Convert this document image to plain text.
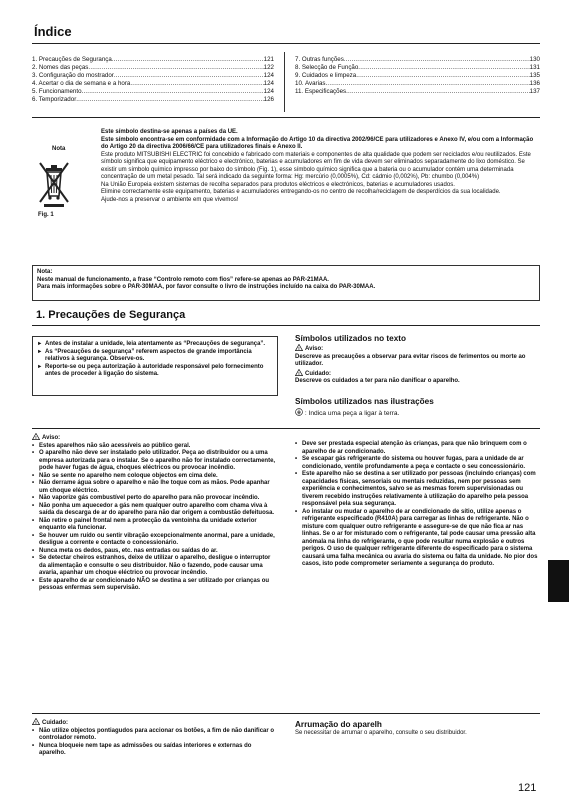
Índice
1. Precauções de Segurança .....	121
2. Nomes das peças .....	122
3. Configuração do mostrador .....	124
4. Acertar o dia de semana e a hora .....	124
5. Funcionamento .....	124
6. Temporizador .....	126
7. Outras funções .....	130
8. Selecção de Função .....	131
9. Cuidados e limpeza .....	135
10. Avarias .....	136
11. Especificações .....	137
Nota
Fig. 1
Este símbolo destina-se apenas a países da UE.
Este símbolo encontra-se em conformidade com a Informação do Artigo 10 da directiva 2002/96/CE para utilizadores e Anexo IV, e/ou com a Informação do Artigo 20 da directiva 2006/66/CE para utilizadores finais e Anexo II.
Este produto MITSUBISHI ELECTRIC foi concebido e fabricado com materiais e componentes de alta qualidade que podem ser reciclados e/ou reutilizados. Este símbolo significa que equipamento eléctrico e electrónico, baterias e acumuladores em fim de vida devem ser eliminados separadamente do lixo doméstico. Se existir um símbolo químico impresso por baixo do símbolo (Fig. 1), esse símbolo químico significa que a bateria ou o acumulador contém uma determinada concentração de um metal pesado. Tal será indicado da seguinte forma: Hg: mercúrio (0,0005%), Cd: cádmio (0,002%), Pb: chumbo (0,004%)
Na União Europeia existem sistemas de recolha separados para produtos eléctricos e electrónicos, baterias e acumuladores usados.
Elimine correctamente este equipamento, baterias e acumuladores entregando-os no centro de recolha/reciclagem de desperdícios da sua localidade.
Ajude-nos a preservar o ambiente em que vivemos!
Nota:
Neste manual de funcionamento, a frase “Controlo remoto com fios” refere-se apenas ao PAR-21MAA.
Para mais informações sobre o PAR-30MAA, por favor consulte o livro de instruções incluído na caixa do PAR-30MAA.
1. Precauções de Segurança
► Antes de instalar a unidade, leia atentamente as “Precauções de segurança”.
► As “Precauções de segurança” referem aspectos de grande importância relativos à segurança. Observe-os.
► Reporte-se ou peça autorização à autoridade responsável pelo fornecimento antes de proceder à ligação do sistema.
Símbolos utilizados no texto
! Aviso:
Descreve as precauções a observar para evitar riscos de ferimentos ou morte ao utilizador.
! Cuidado:
Descreve os cuidados a ter para não danificar o aparelho.
Símbolos utilizados nas ilustrações
: Indica uma peça a ligar à terra.
! Aviso:
• Estes aparelhos não são acessíveis ao público geral.
• O aparelho não deve ser instalado pelo utilizador. Peça ao distribuidor ou a uma empresa autorizada para o instalar. Se o aparelho não for instalado correctamente, pode haver fugas de água, choques eléctricos ou provocar incêndio.
• Não se sente no aparelho nem coloque objectos em cima dele.
• Não derrame água sobre o aparelho e não lhe toque com as mãos. Pode apanhar um choque eléctrico.
• Não vaporize gás combustível perto do aparelho para não provocar incêndio.
• Não ponha um aquecedor a gás nem qualquer outro aparelho com chama viva à saída da descarga de ar do aparelho para não dar origem a combustão defeituosa.
• Não retire o painel frontal nem a protecção da ventoinha da unidade exterior enquanto ela funcionar.
• Se houver um ruído ou sentir vibração excepcionalmente anormal, pare a unidade, desligue a corrente e contacte o concessionário.
• Nunca meta os dedos, paus, etc. nas entradas ou saídas do ar.
• Se detectar cheiros estranhos, deixe de utilizar o aparelho, desligue o interruptor da alimentação e consulte o seu distribuidor. Não o fazendo, pode causar uma avaria, apanhar um choque eléctrico ou provocar incêndio.
• Este aparelho de ar condicionado NÃO se destina a ser utilizado por crianças ou pessoas enfermas sem supervisão.
• Deve ser prestada especial atenção às crianças, para que não brinquem com o aparelho de ar condicionado.
• Se escapar gás refrigerante do sistema ou houver fugas, para a unidade de ar condicionado, ventile profundamente a peça e contacte o seu concessionário.
• Este aparelho não se destina a ser utilizado por pessoas (incluindo crianças) com capacidades físicas, sensoriais ou mentais reduzidas, nem por pessoas sem experiência e conhecimentos, salvo se as mesmas forem supervisionadas ou tiverem recebido instruções relativamente à utilização do aparelho pela pessoa responsável pela sua segurança.
• Ao instalar ou mudar o aparelho de ar condicionado de sítio, utilize apenas o refrigerante especificado (R410A) para carregar as linhas de refrigerante. Não o misture com qualquer outro refrigerante e assegure-se de que não fica ar nas linhas. Se o ar for misturado com o refrigerante, tal pode causar uma pressão alta anómala na linha do refrigerante, o que pode resultar numa explosão e outros perigos. O uso de qualquer refrigerante diferente do especificado para o sistema causará uma falha mecânica ou avaria do sistema ou falta da unidade. No pior dos casos, isto pode comprometer seriamente a segurança do produto.
! Cuidado:
• Não utilize objectos pontiagudos para accionar os botões, a fim de não danificar o controlador remoto.
• Nunca bloqueie nem tape as admissões ou saídas interiores e externas do aparelho.
Arrumação do aparelh
Se necessitar de arrumar o aparelho, consulte o seu distribuidor.
121
